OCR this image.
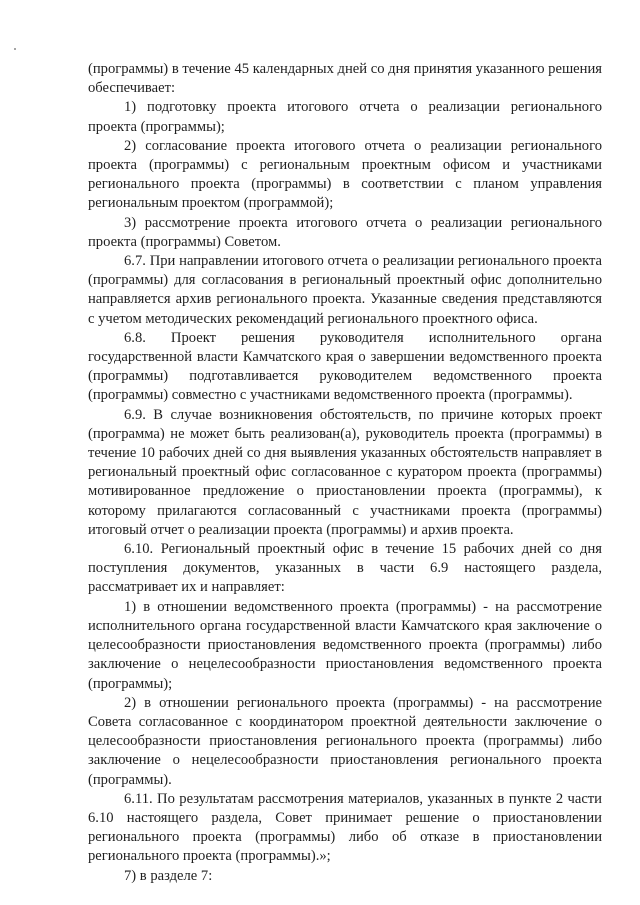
(программы) в течение 45 календарных дней со дня принятия указанного решения обеспечивает:

1) подготовку проекта итогового отчета о реализации регионального проекта (программы);

2) согласование проекта итогового отчета о реализации регионального проекта (программы) с региональным проектным офисом и участниками регионального проекта (программы) в соответствии с планом управления региональным проектом (программой);

3) рассмотрение проекта итогового отчета о реализации регионального проекта (программы) Советом.

6.7. При направлении итогового отчета о реализации регионального проекта (программы) для согласования в региональный проектный офис дополнительно направляется архив регионального проекта. Указанные сведения представляются с учетом методических рекомендаций регионального проектного офиса.

6.8. Проект решения руководителя исполнительного органа государственной власти Камчатского края о завершении ведомственного проекта (программы) подготавливается руководителем ведомственного проекта (программы) совместно с участниками ведомственного проекта (программы).

6.9. В случае возникновения обстоятельств, по причине которых проект (программа) не может быть реализован(а), руководитель проекта (программы) в течение 10 рабочих дней со дня выявления указанных обстоятельств направляет в региональный проектный офис согласованное с куратором проекта (программы) мотивированное предложение о приостановлении проекта (программы), к которому прилагаются согласованный с участниками проекта (программы) итоговый отчет о реализации проекта (программы) и архив проекта.

6.10. Региональный проектный офис в течение 15 рабочих дней со дня поступления документов, указанных в части 6.9 настоящего раздела, рассматривает их и направляет:

1) в отношении ведомственного проекта (программы) - на рассмотрение исполнительного органа государственной власти Камчатского края заключение о целесообразности приостановления ведомственного проекта (программы) либо заключение о нецелесообразности приостановления ведомственного проекта (программы);

2) в отношении регионального проекта (программы) - на рассмотрение Совета согласованное с координатором проектной деятельности заключение о целесообразности приостановления регионального проекта (программы) либо заключение о нецелесообразности приостановления регионального проекта (программы).

6.11. По результатам рассмотрения материалов, указанных в пункте 2 части 6.10 настоящего раздела, Совет принимает решение о приостановлении регионального проекта (программы) либо об отказе в приостановлении регионального проекта (программы).»;

7) в разделе 7:
